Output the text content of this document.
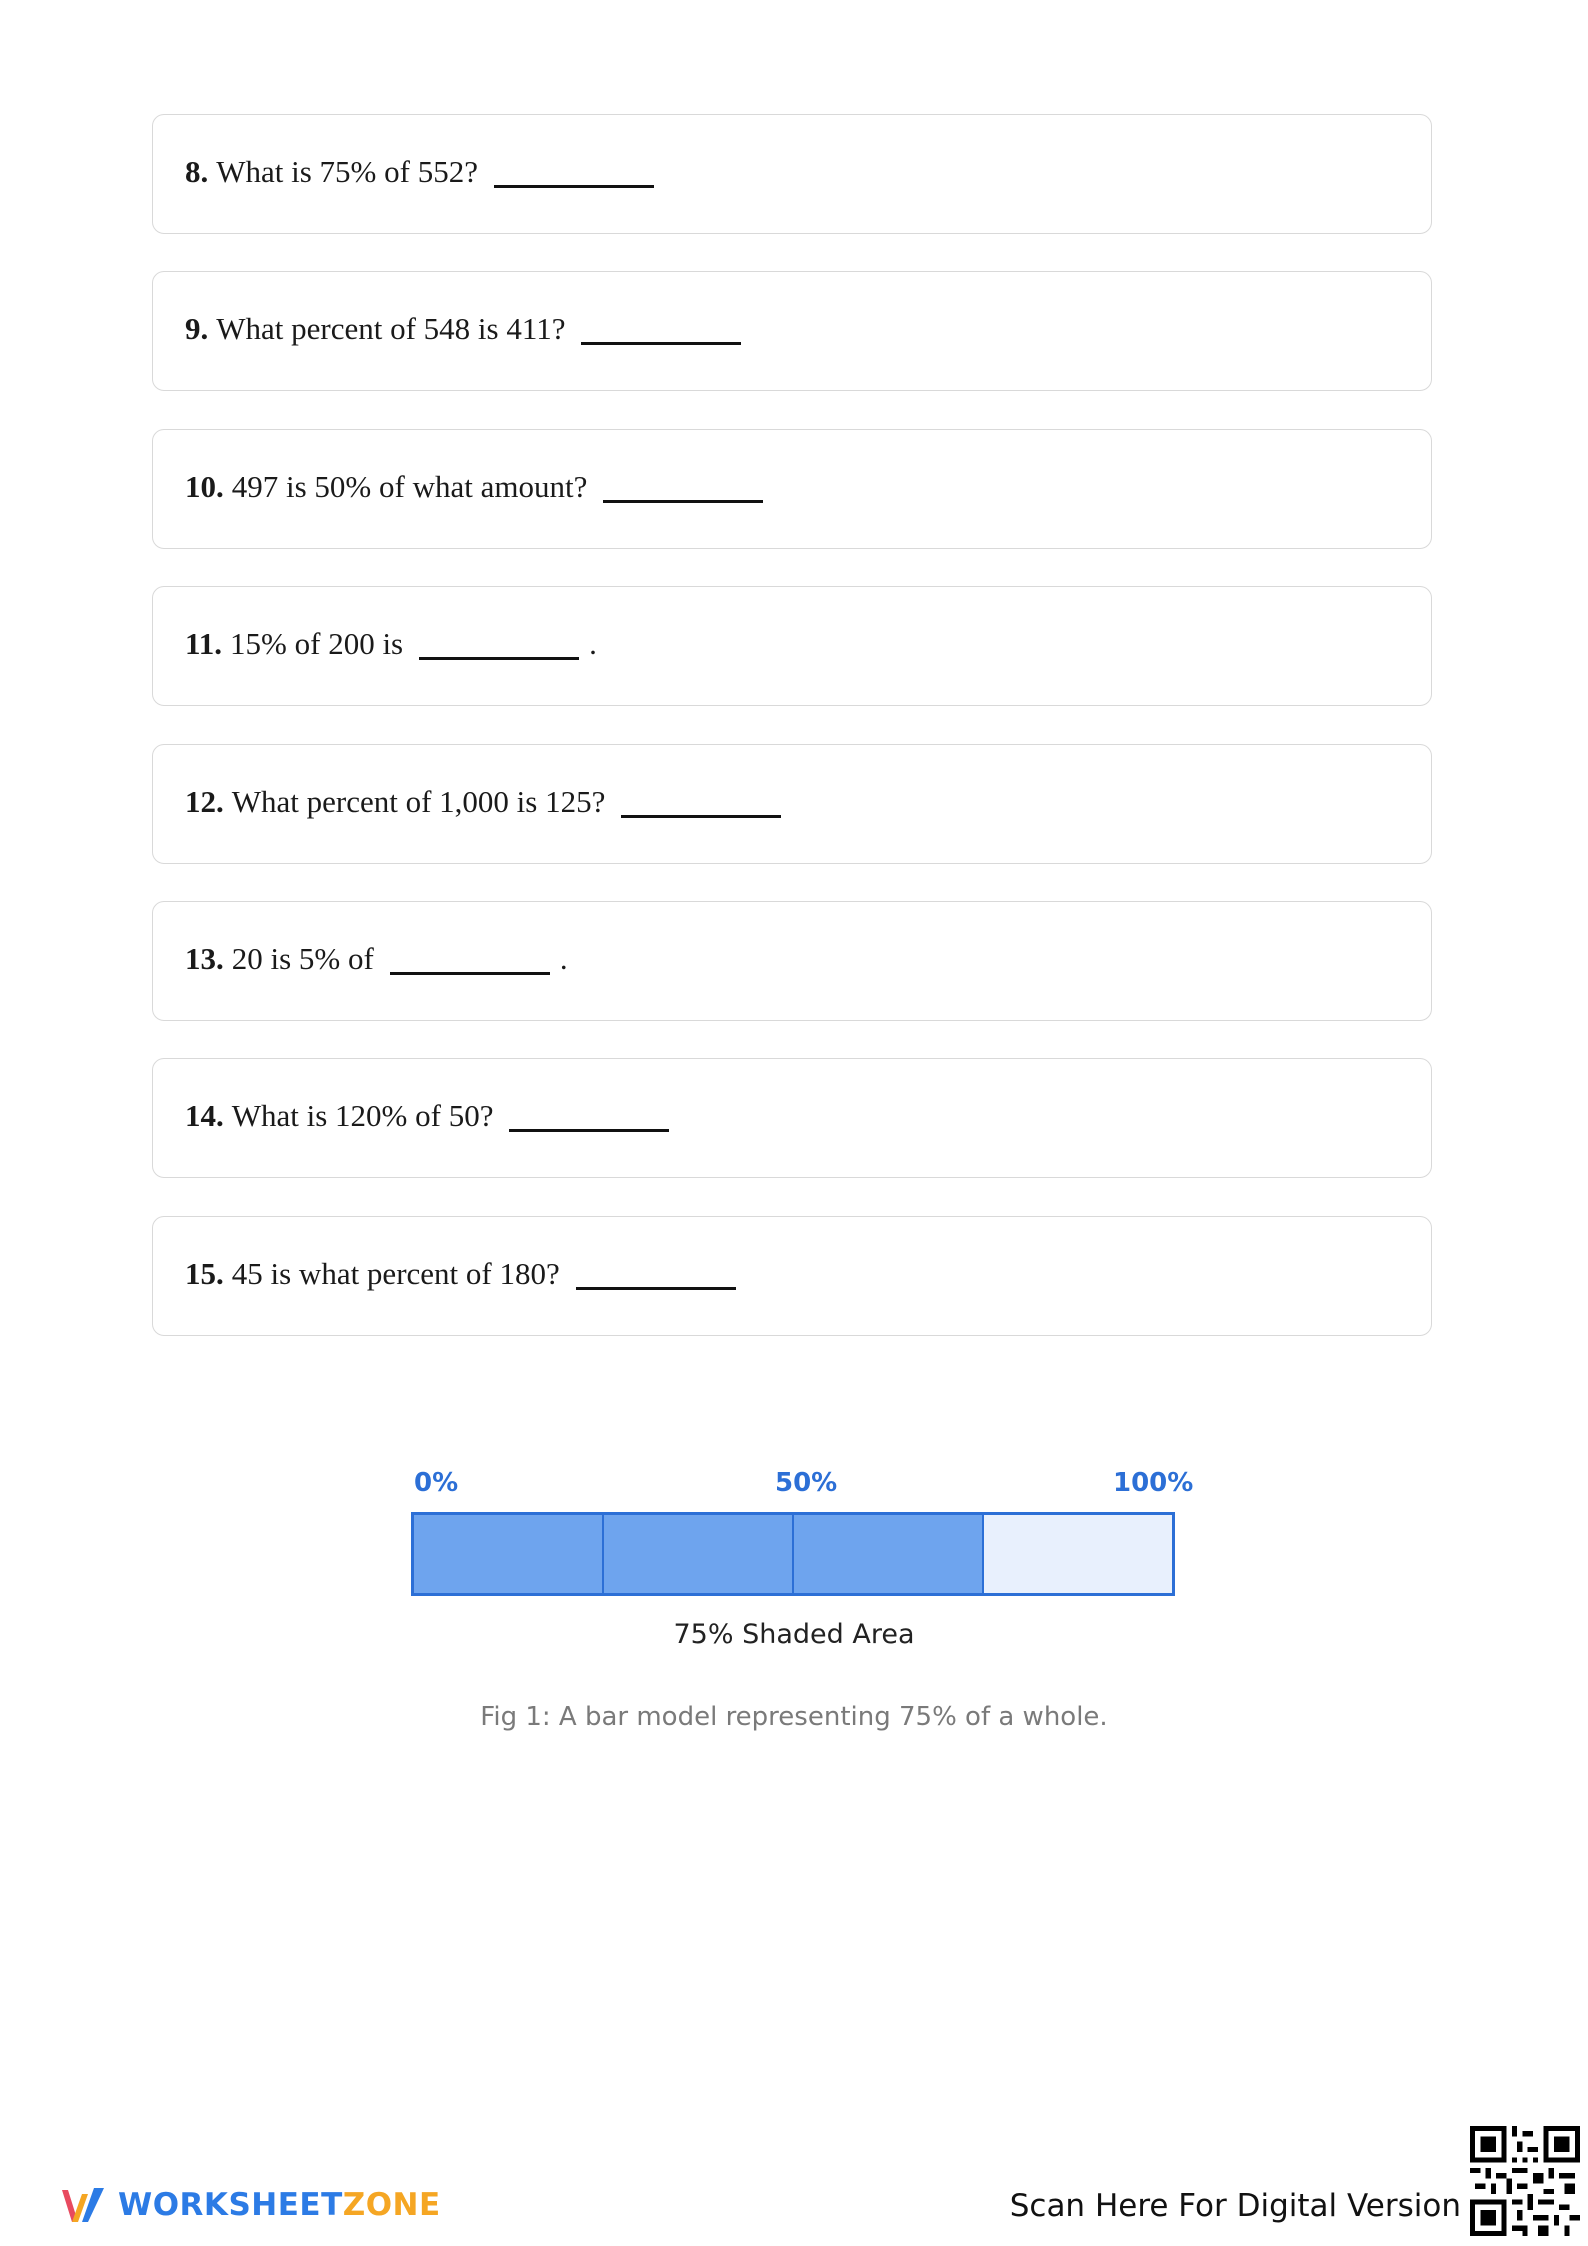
8. What is 75% of 552?
9. What percent of 548 is 411?
10. 497 is 50% of what amount?
11. 15% of 200 is	.
12. What percent of 1,000 is 125?
13. 20 is 5% of	.
14. What is 120% of 50?
15. 45 is what percent of 180?
0%	50%	100%
75% Shaded Area
Fig 1: A bar model representing 75% of a whole.
WORKSHEETZONE	Scan Here For Digital Version
